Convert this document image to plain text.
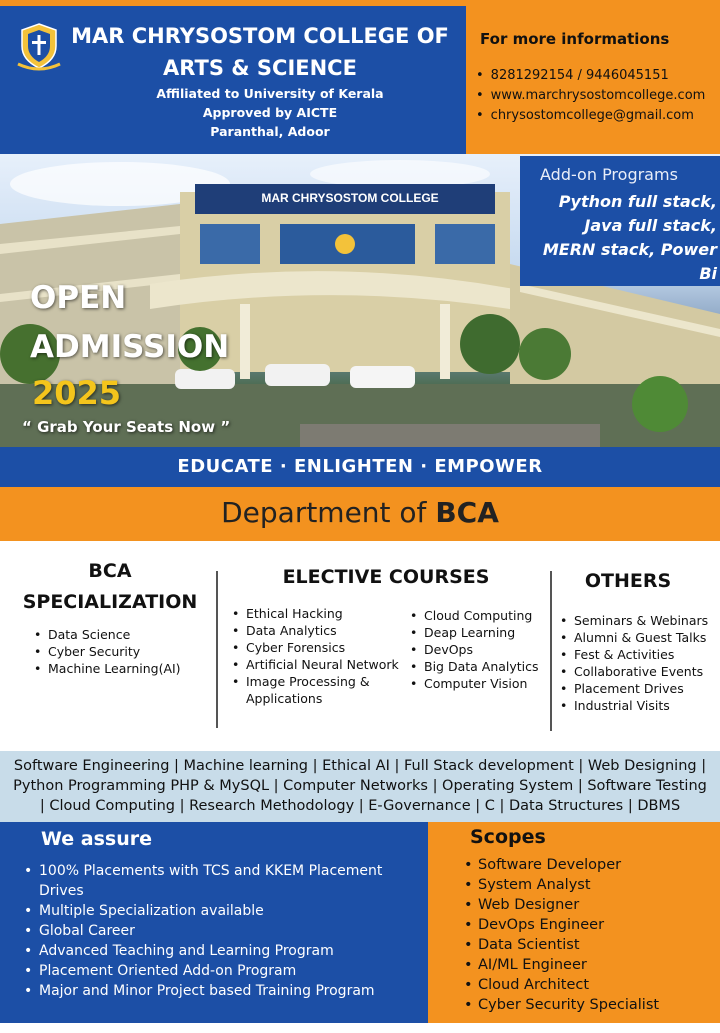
MAR CHRYSOSTOM COLLEGE OF
ARTS & SCIENCE
Affiliated to University of Kerala
Approved by AICTE
Paranthal, Adoor
For more informations
• 8281292154 / 9446045151
• www.marchrysostomcollege.com
• chrysostomcollege@gmail.com
MAR CHRYSOSTOM COLLEGE
Add-on Programs
Python full stack,
Java full stack,
MERN stack, Power Bi
OPEN
ADMISSION
2025
“ Grab Your Seats Now ”
EDUCATE · ENLIGHTEN · EMPOWER
Department of BCA
BCA
SPECIALIZATION
• Data Science
• Cyber Security
• Machine Learning(AI)
ELECTIVE COURSES
• Ethical Hacking
• Data Analytics
• Cyber Forensics
• Artificial Neural Network
• Image Processing & Applications
• Cloud Computing
• Deap Learning
• DevOps
• Big Data Analytics
• Computer Vision
OTHERS
• Seminars & Webinars
• Alumni & Guest Talks
• Fest & Activities
• Collaborative Events
• Placement Drives
• Industrial Visits
Software Engineering | Machine learning | Ethical AI | Full Stack development | Web Designing |
Python Programming PHP & MySQL | Computer Networks | Operating System | Software Testing
| Cloud Computing | Research Methodology | E-Governance | C | Data Structures | DBMS
We assure
• 100% Placements with TCS and KKEM Placement Drives
• Multiple Specialization available
• Global Career
• Advanced Teaching and Learning Program
• Placement Oriented Add-on Program
• Major and Minor Project based Training Program
Scopes
• Software Developer
• System Analyst
• Web Designer
• DevOps Engineer
• Data Scientist
• AI/ML Engineer
• Cloud Architect
• Cyber Security Specialist
